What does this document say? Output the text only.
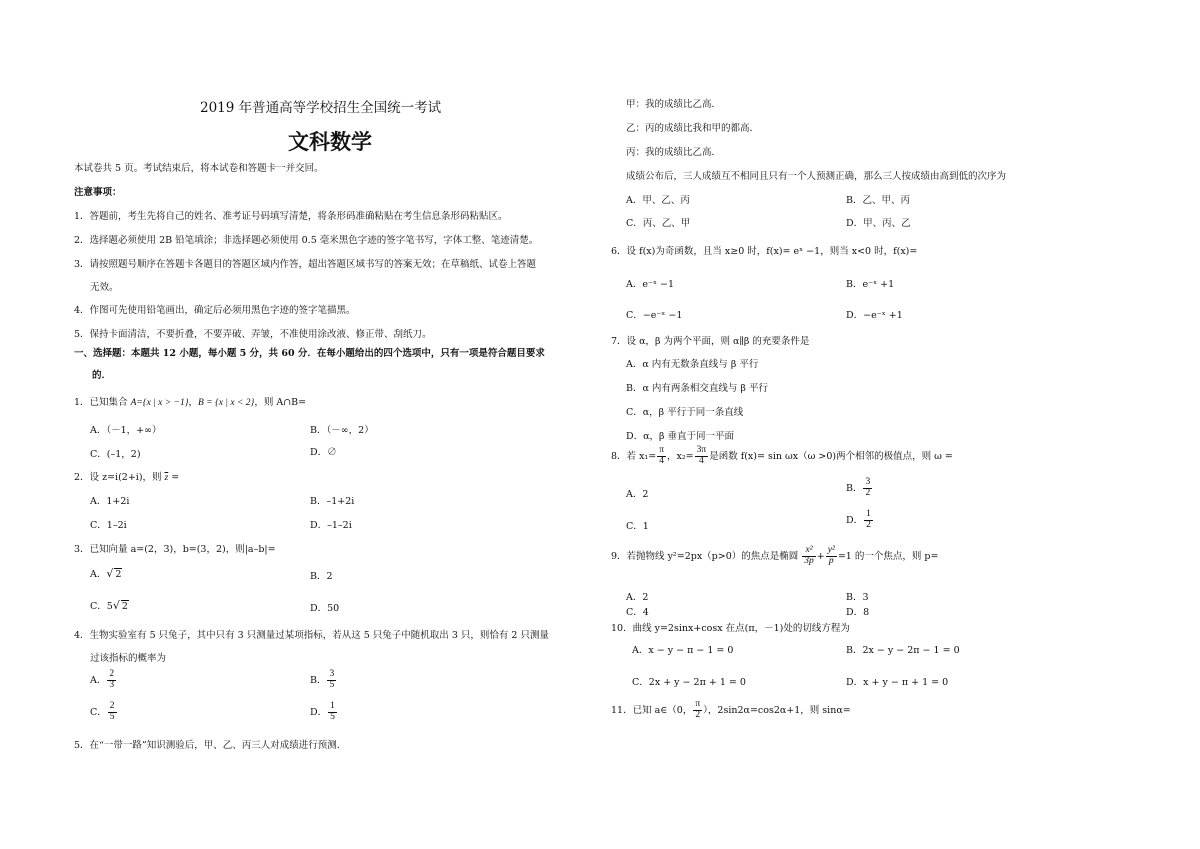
2019 年普通高等学校招生全国统一考试
文科数学
本试卷共 5 页。考试结束后，将本试卷和答题卡一并交回。
注意事项：
1．答题前，考生先将自己的姓名、准考证号码填写清楚，将条形码准确粘贴在考生信息条形码粘贴区。
2．选择题必须使用 2B 铅笔填涂；非选择题必须使用 0.5 毫米黑色字迹的签字笔书写，字体工整、笔迹清楚。
3．请按照题号顺序在答题卡各题目的答题区域内作答，超出答题区域书写的答案无效；在草稿纸、试卷上答题
无效。
4．作图可先使用铅笔画出，确定后必须用黑色字迹的签字笔描黑。
5．保持卡面清洁，不要折叠，不要弄破、弄皱，不准使用涂改液、修正带、刮纸刀。
一、选择题：本题共 12 小题，每小题 5 分，共 60 分．在每小题给出的四个选项中，只有一项是符合题目要求
的．
1．已知集合 A={x | x > −1}，B = {x | x < 2}，则 A∩B=
A．（－1，+∞）	B．（－∞，2）
C．(–1，2)	D．∅
2．设 z=i(2+i)，则 $\overline{z}$ =
A．1+2i	B．–1+2i
C．1–2i	D．–1–2i
3．已知向量 a=(2，3)，b=(3，2)，则|a–b|=
A．√ 2	B．2
C．5√ 2	D．50
4．生物实验室有 5 只兔子，其中只有 3 只测量过某项指标，若从这 5 只兔子中随机取出 3 只，则恰有 2 只测量
过该指标的概率为
A． $\frac{2}{3}$	B． $\frac{3}{5}$
C． $\frac{2}{5}$	D． $\frac{1}{5}$
5．在“一带一路”知识测验后，甲、乙、丙三人对成绩进行预测．
甲：我的成绩比乙高．
乙：丙的成绩比我和甲的都高．
丙：我的成绩比乙高．
成绩公布后，三人成绩互不相同且只有一个人预测正确，那么三人按成绩由高到低的次序为
A．甲、乙、丙	B．乙、甲、丙
C．丙、乙、甲	D．甲、丙、乙
6．设 f(x)为奇函数，且当 x≥0 时，f(x)= eˣ −1，则当 x<0 时，f(x)=
A．e⁻ˣ −1	B．e⁻ˣ +1
C．−e⁻ˣ −1	D．−e⁻ˣ +1
7．设 α，β 为两个平面，则 α∥β 的充要条件是
A．α 内有无数条直线与 β 平行
B．α 内有两条相交直线与 β 平行
C．α，β 平行于同一条直线
D．α，β 垂直于同一平面
8．若 $x_1= \frac{\pi}{4}$ ，$x_2= \frac{3\pi}{4}$ 是函数 f(x)= sin ωx（ω >0)两个相邻的极值点，则 ω =
A．2
B． $\frac{3}{2}$
C．1
D． $\frac{1}{2}$
9．若抛物线 y²=2px（p>0）的焦点是椭圆 $\frac{\text{x²}}{3p} + \frac{\text{y²}}{p} =1$ 的一个焦点，则 p=
A．2	B．3
C．4	D．8
10．曲线 y=2sinx+cosx 在点(π，－1)处的切线方程为
A．x − y − π − 1 = 0	B．2x − y − 2π − 1 = 0
C．2x + y − 2π + 1 = 0	D．x + y − π + 1 = 0
11．已知 a∈（0， $\frac{\pi}{2}$ ），2sin2α=cos2α+1，则 sinα=
